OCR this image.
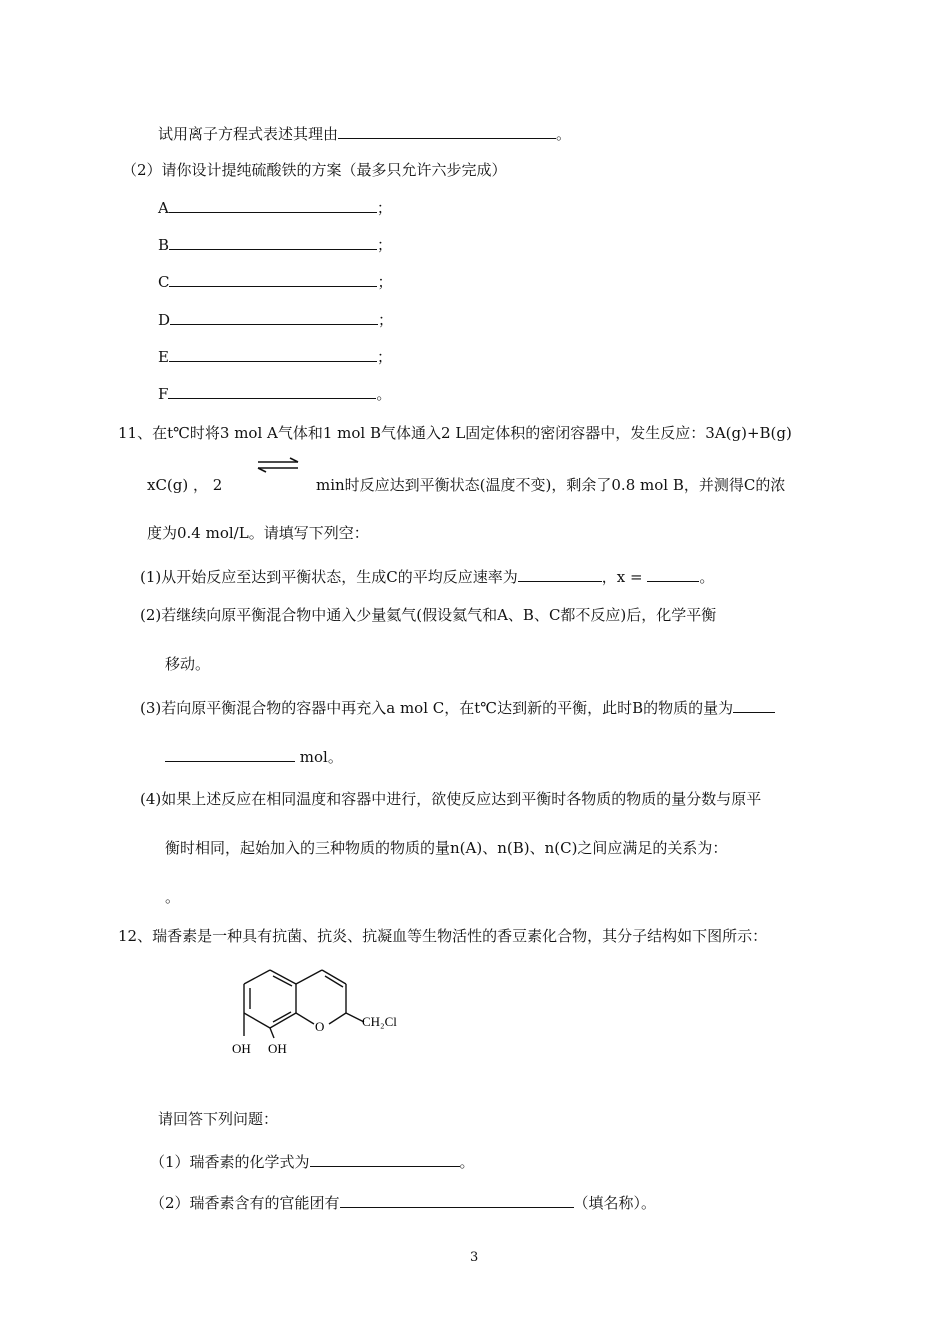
试用离子方程式表述其理由	。
（2）请你设计提纯硫酸铁的方案（最多只允许六步完成）
A	；
B	；
C	；
D	；
E	；
F	。
11、在t℃时将3 mol A气体和1 mol B气体通入2 L固定体积的密闭容器中，发生反应：3A(g)+B(g)
xC(g) ， 2	min时反应达到平衡状态(温度不变)，剩余了0.8 mol B，并测得C的浓
度为0.4 mol/L。请填写下列空：
(1)从开始反应至达到平衡状态，生成C的平均反应速率为	，x =	。
(2)若继续向原平衡混合物中通入少量氦气(假设氦气和A、B、C都不反应)后，化学平衡
移动。
(3)若向原平衡混合物的容器中再充入a mol C，在t℃达到新的平衡，此时B的物质的量为
mol。
(4)如果上述反应在相同温度和容器中进行，欲使反应达到平衡时各物质的物质的量分数与原平
衡时相同，起始加入的三种物质的物质的量n(A)、n(B)、n(C)之间应满足的关系为：
。
12、瑞香素是一种具有抗菌、抗炎、抗凝血等生物活性的香豆素化合物，其分子结构如下图所示：
O	CH₂Cl
OH OH
请回答下列问题：
（1）瑞香素的化学式为	。
（2）瑞香素含有的官能团有	（填名称）。
3
